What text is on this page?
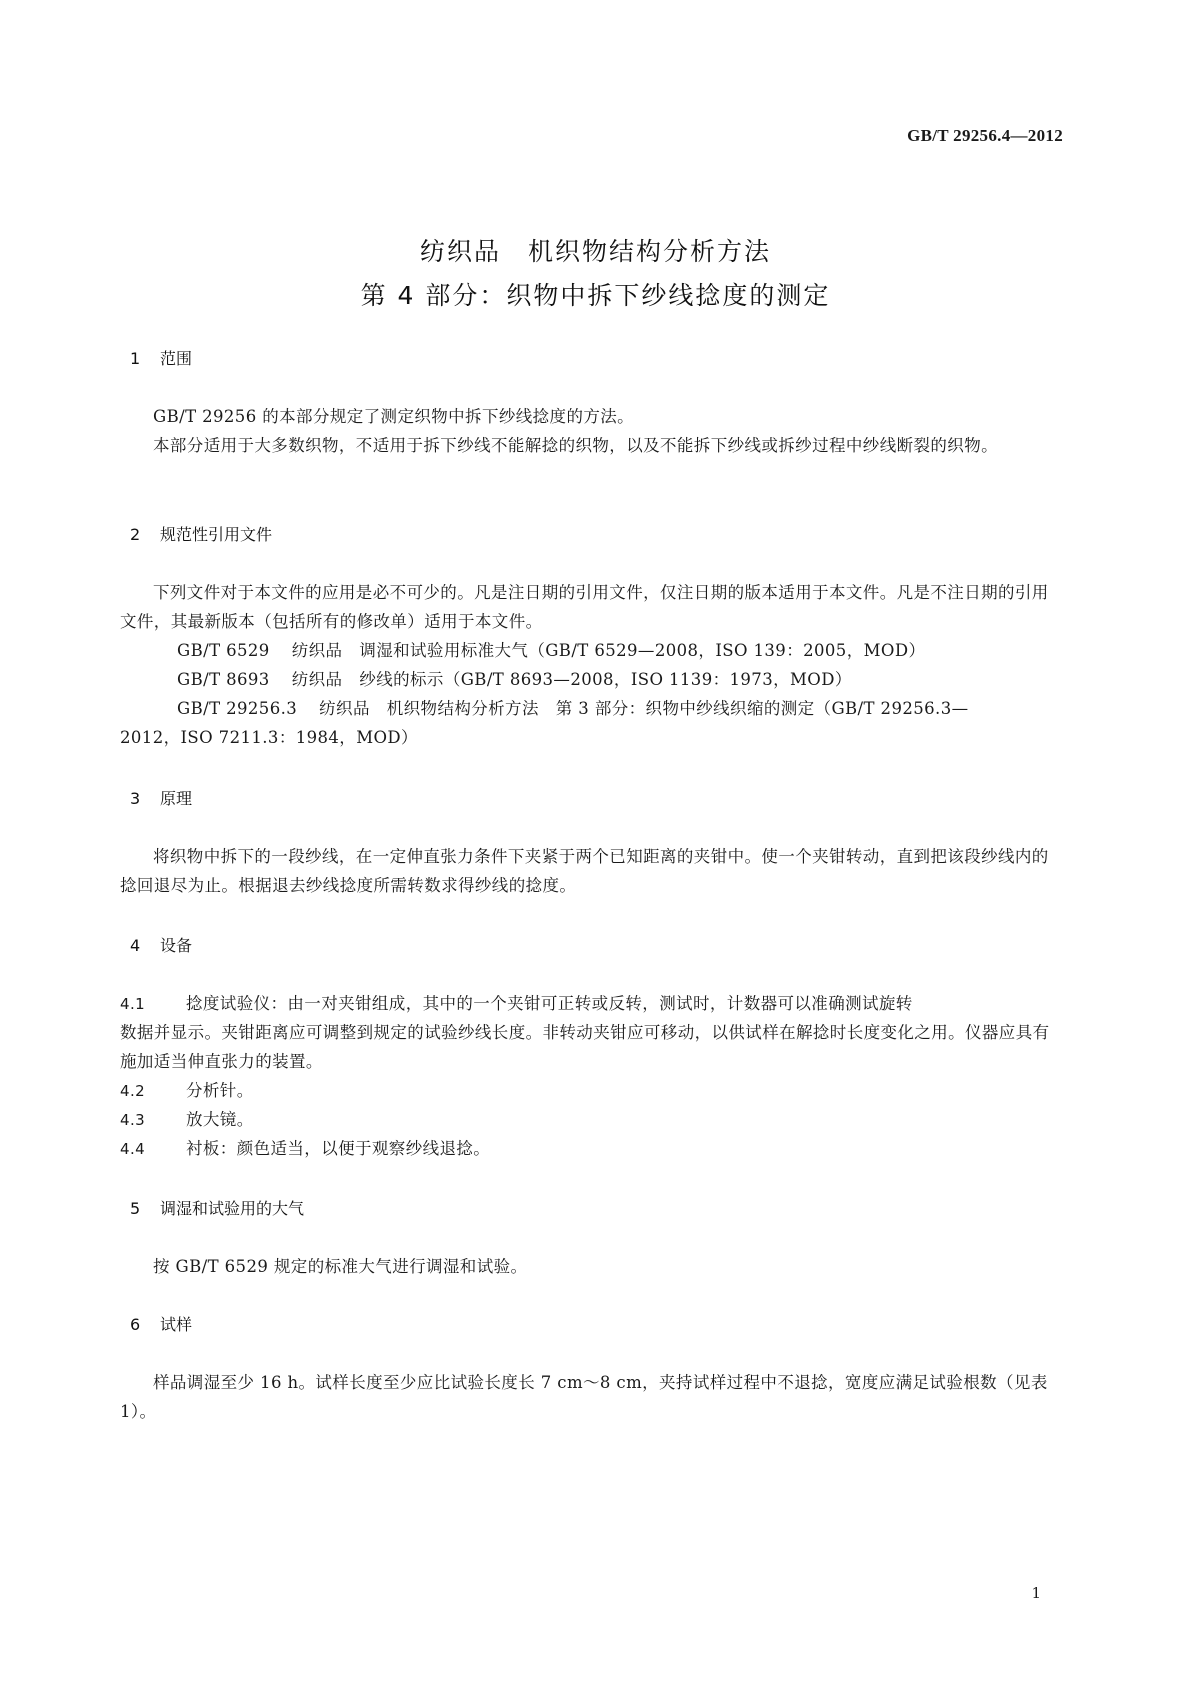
GB/T 29256.4—2012
纺织品　机织物结构分析方法
第 4 部分：织物中拆下纱线捻度的测定
1 范围
GB/T 29256 的本部分规定了测定织物中拆下纱线捻度的方法。
本部分适用于大多数织物，不适用于拆下纱线不能解捻的织物，以及不能拆下纱线或拆纱过程中纱线断裂的织物。
2 规范性引用文件
下列文件对于本文件的应用是必不可少的。凡是注日期的引用文件，仅注日期的版本适用于本文件。凡是不注日期的引用文件，其最新版本（包括所有的修改单）适用于本文件。
GB/T 6529 纺织品　调湿和试验用标准大气（GB/T 6529—2008，ISO 139：2005，MOD）
GB/T 8693 纺织品　纱线的标示（GB/T 8693—2008，ISO 1139：1973，MOD）
GB/T 29256.3 纺织品　机织物结构分析方法　第 3 部分：织物中纱线织缩的测定（GB/T 29256.3—
2012，ISO 7211.3：1984，MOD）
3 原理
将织物中拆下的一段纱线，在一定伸直张力条件下夹紧于两个已知距离的夹钳中。使一个夹钳转动，直到把该段纱线内的捻回退尽为止。根据退去纱线捻度所需转数求得纱线的捻度。
4 设备
4.1 捻度试验仪：由一对夹钳组成，其中的一个夹钳可正转或反转，测试时，计数器可以准确测试旋转
数据并显示。夹钳距离应可调整到规定的试验纱线长度。非转动夹钳应可移动，以供试样在解捻时长度变化之用。仪器应具有施加适当伸直张力的装置。
4.2 分析针。
4.3 放大镜。
4.4 衬板：颜色适当，以便于观察纱线退捻。
5 调湿和试验用的大气
按 GB/T 6529 规定的标准大气进行调湿和试验。
6 试样
样品调湿至少 16 h。试样长度至少应比试验长度长 7 cm～8 cm，夹持试样过程中不退捻，宽度应满足试验根数（见表 1）。
1
